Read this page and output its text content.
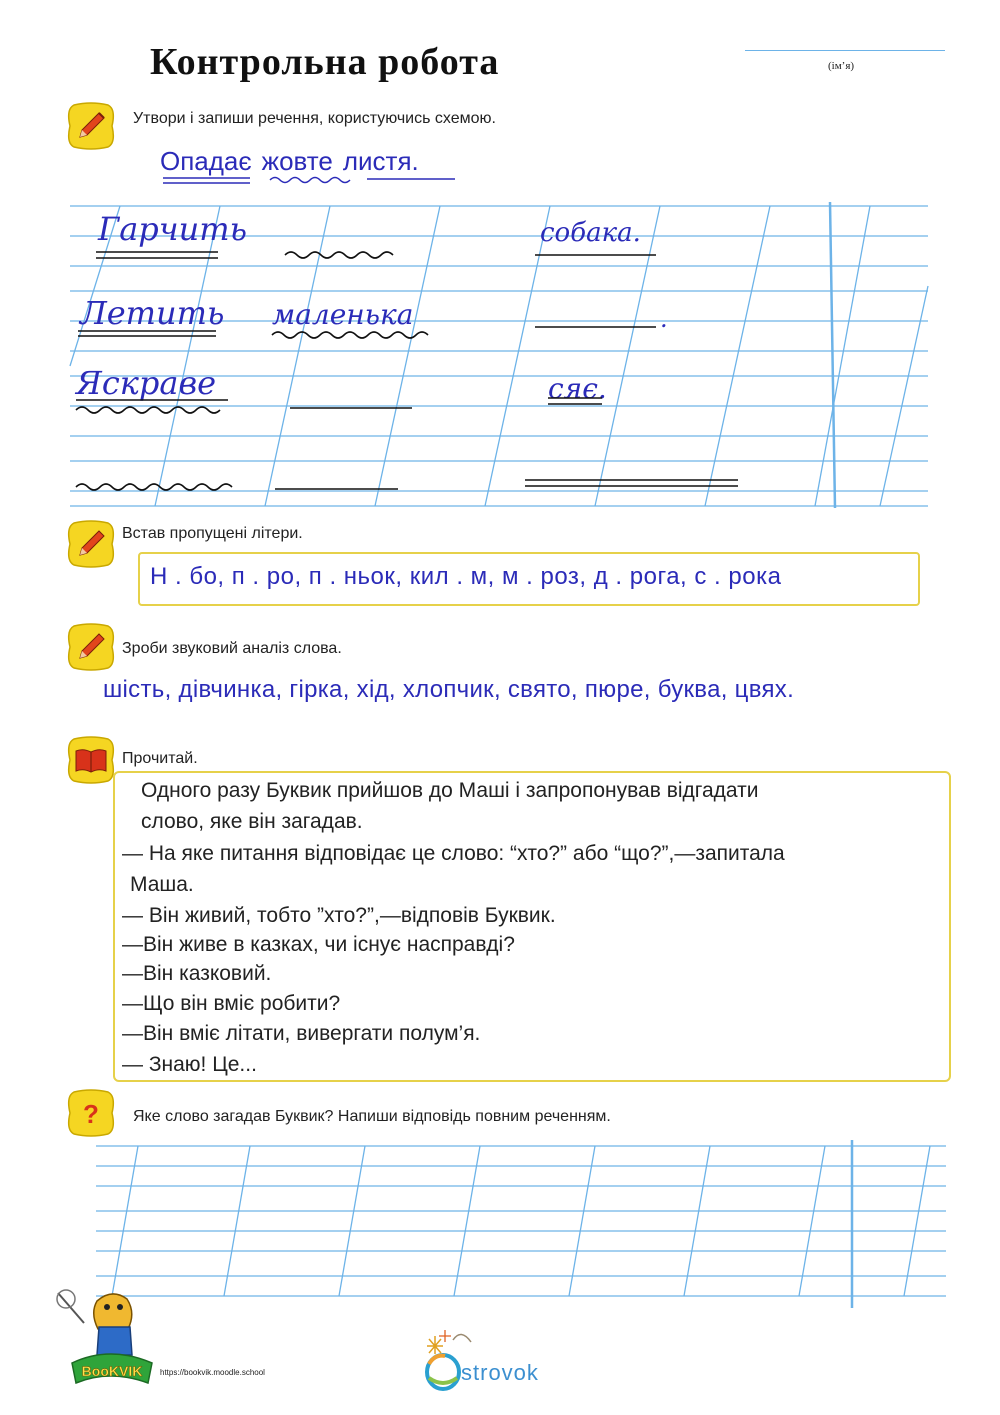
Контрольна робота	(ім’я)
Утвори і запиши речення, користуючись схемою.
Опадає жовте листя.
Гарчить	собака.
Летить маленька	.
Яскраве	сяє.
Встав пропущені літери.
Н . бо, п . ро, п . ньок, кил . м, м . роз, д . рога, с . рока
Зроби звуковий аналіз слова.
шість, дівчинка, гірка, хід, хлопчик, свято, пюре, буква, цвях.
Прочитай.
Одного разу Буквик прийшов до Маші і запропонував відгадати
слово, яке він загадав.
— На яке питання відповідає це слово: “хто?” або “що?”,—запитала
Маша.
— Він живий, тобто ”хто?”,—відповів Буквик.
—Він живе в казках, чи існує насправді?
—Він казковий.
—Що він вміє робити?
—Він вміє літати, вивергати полум’я.
— Знаю! Це...
? Яке слово загадав Буквик? Напиши відповідь повним реченням.
BooKVIK https://bookvik.moodle.school	strovok
